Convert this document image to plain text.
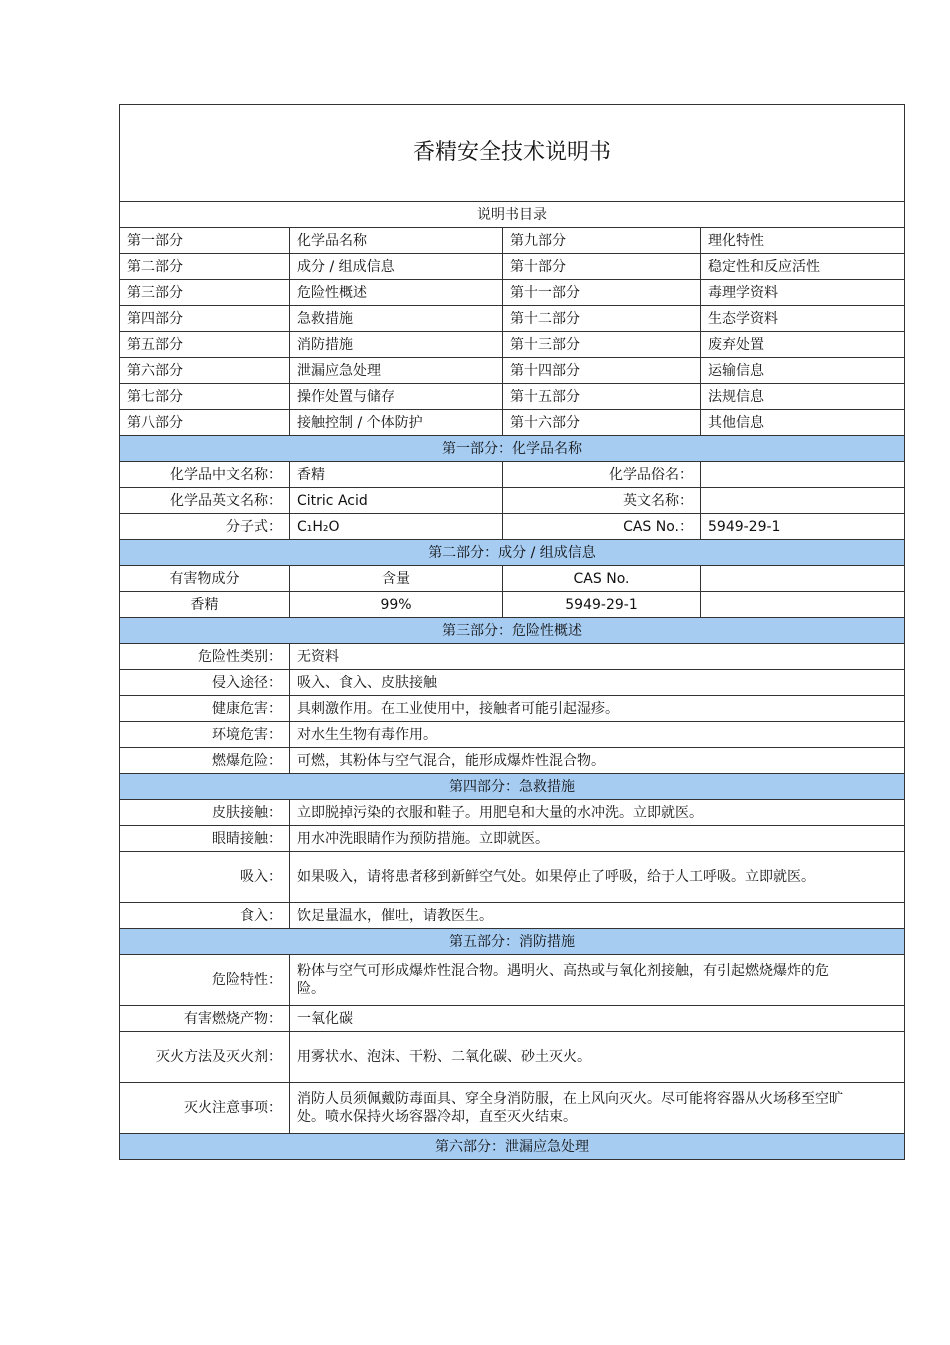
香精安全技术说明书			
说明书目录			
第一部分	化学品名称	第九部分	理化特性
第二部分	成分 / 组成信息	第十部分	稳定性和反应活性
第三部分	危险性概述	第十一部分	毒理学资料
第四部分	急救措施	第十二部分	生态学资料
第五部分	消防措施	第十三部分	废弃处置
第六部分	泄漏应急处理	第十四部分	运输信息
第七部分	操作处置与储存	第十五部分	法规信息
第八部分	接触控制 / 个体防护	第十六部分	其他信息
第一部分：化学品名称			
化学品中文名称：	香精	化学品俗名：	
化学品英文名称：	Citric Acid	英文名称：	
分子式：	C₁H₂O	CAS No.：	5949-29-1
第二部分：成分 / 组成信息			
有害物成分	含量	CAS No.	
香精	99%	5949-29-1	
第三部分：危险性概述			
危险性类别：	无资料		
侵入途径：	吸入、食入、皮肤接触		
健康危害：	具刺激作用。在工业使用中，接触者可能引起湿疹。		
环境危害：	对水生生物有毒作用。		
燃爆危险：	可燃，其粉体与空气混合，能形成爆炸性混合物。		
第四部分：急救措施			
皮肤接触：	立即脱掉污染的衣服和鞋子。用肥皂和大量的水冲洗。立即就医。		
眼睛接触：	用水冲洗眼睛作为预防措施。立即就医。		
吸入：	如果吸入，请将患者移到新鲜空气处。如果停止了呼吸，给于人工呼吸。立即就医。		

食入：	饮足量温水，催吐，请教医生。		
第五部分：消防措施			
危险特性：	粉体与空气可形成爆炸性混合物。遇明火、高热或与氧化剂接触，有引起燃烧爆炸的危险。		

有害燃烧产物：	一氧化碳		
灭火方法及灭火剂：	用雾状水、泡沫、干粉、二氧化碳、砂土灭火。		
灭火注意事项：	消防人员须佩戴防毒面具、穿全身消防服，在上风向灭火。尽可能将容器从火场移至空旷处。喷水保持火场容器冷却，直至灭火结束。		

第六部分：泄漏应急处理			
